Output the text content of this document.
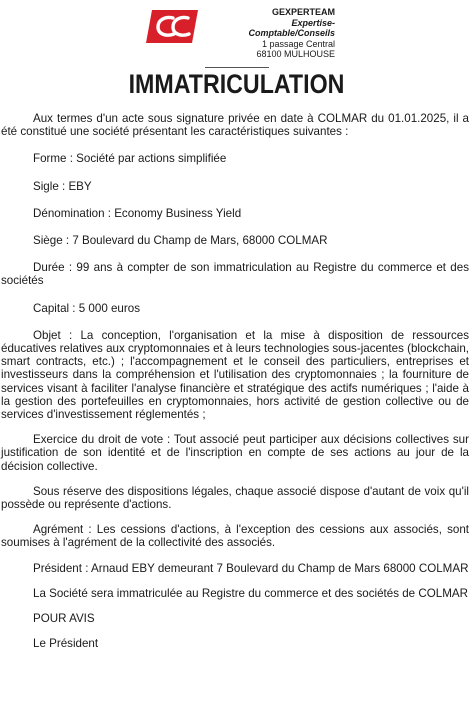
GEXPERTEAM
Expertise-Comptable/Conseils
1 passage Central
68100 MULHOUSE
IMMATRICULATION

Aux termes d'un acte sous signature privée en date à COLMAR du 01.01.2025, il a été constitué une société présentant les caractéristiques suivantes :

Forme : Société par actions simplifiée

Sigle : EBY

Dénomination : Economy Business Yield

Siège : 7 Boulevard du Champ de Mars, 68000 COLMAR

Durée : 99 ans à compter de son immatriculation au Registre du commerce et des sociétés

Capital : 5 000 euros

Objet : La conception, l'organisation et la mise à disposition de ressources éducatives relatives aux cryptomonnaies et à leurs technologies sous-jacentes (blockchain, smart contracts, etc.) ; l'accompagnement et le conseil des particuliers, entreprises et investisseurs dans la compréhension et l'utilisation des cryptomonnaies ; la fourniture de services visant à faciliter l'analyse financière et stratégique des actifs numériques ; l'aide à la gestion des portefeuilles en cryptomonnaies, hors activité de gestion collective ou de services d'investissement réglementés ;

Exercice du droit de vote : Tout associé peut participer aux décisions collectives sur justification de son identité et de l'inscription en compte de ses actions au jour de la décision collective.

Sous réserve des dispositions légales, chaque associé dispose d'autant de voix qu'il possède ou représente d'actions.

Agrément : Les cessions d'actions, à l'exception des cessions aux associés, sont soumises à l'agrément de la collectivité des associés.

Président : Arnaud EBY demeurant 7 Boulevard du Champ de Mars 68000 COLMAR

La Société sera immatriculée au Registre du commerce et des sociétés de COLMAR

POUR AVIS

Le Président
